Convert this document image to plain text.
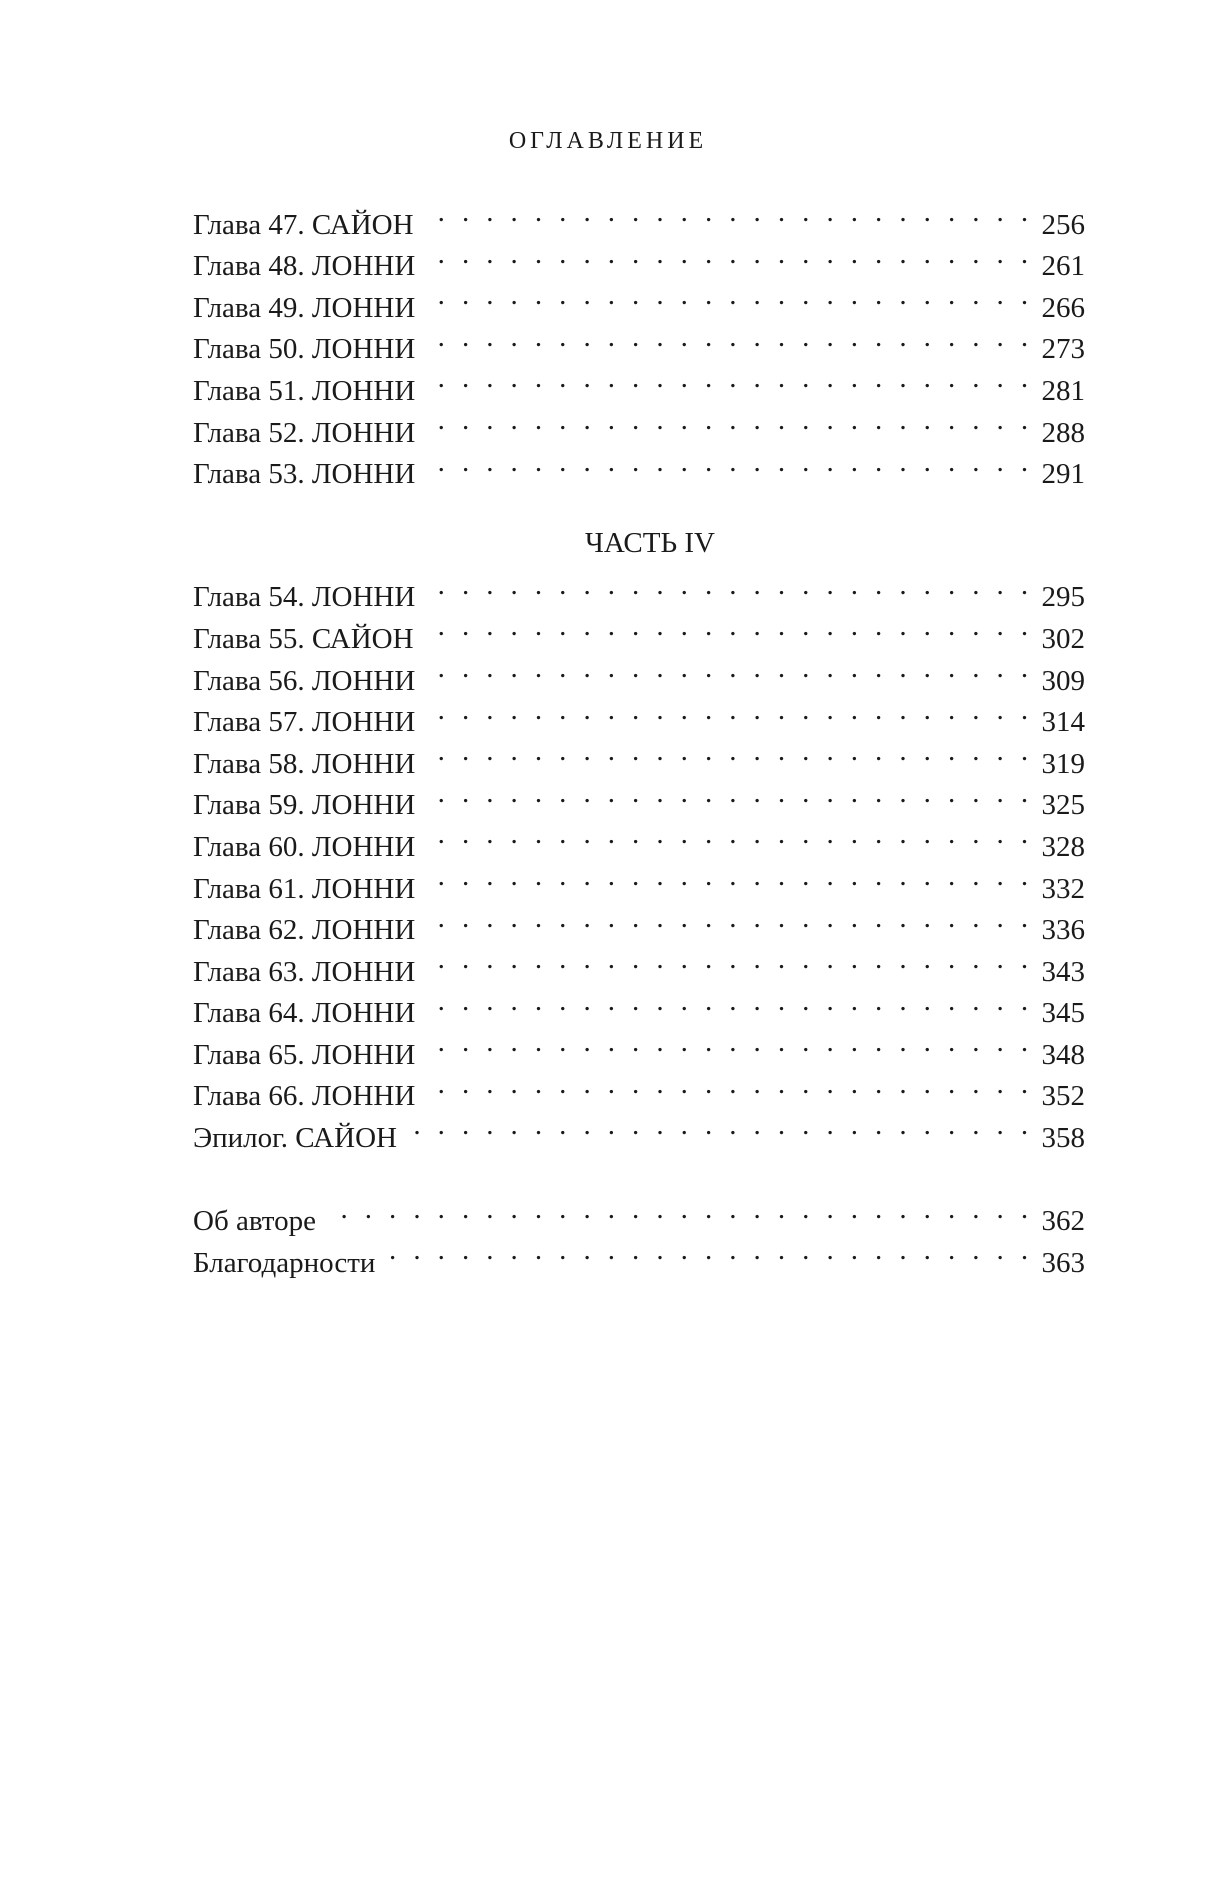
ОГЛАВЛЕНИЕ
Глава 47. САЙОН . . .	256
Глава 48. ЛОННИ . . .	261
Глава 49. ЛОННИ . . .	266
Глава 50. ЛОННИ . . .	273
Глава 51. ЛОННИ . . .	281
Глава 52. ЛОННИ . . .	288
Глава 53. ЛОННИ . . .	291
ЧАСТЬ IV
Глава 54. ЛОННИ . . .	295
Глава 55. САЙОН . . .	302
Глава 56. ЛОННИ . . .	309
Глава 57. ЛОННИ . . .	314
Глава 58. ЛОННИ . . .	319
Глава 59. ЛОННИ . . .	325
Глава 60. ЛОННИ . . .	328
Глава 61. ЛОННИ . . .	332
Глава 62. ЛОННИ . . .	336
Глава 63. ЛОННИ . . .	343
Глава 64. ЛОННИ . . .	345
Глава 65. ЛОННИ . . .	348
Глава 66. ЛОННИ . . .	352
Эпилог. САЙОН . . .	358
Об авторе . . .	362
Благодарности . . .	363
